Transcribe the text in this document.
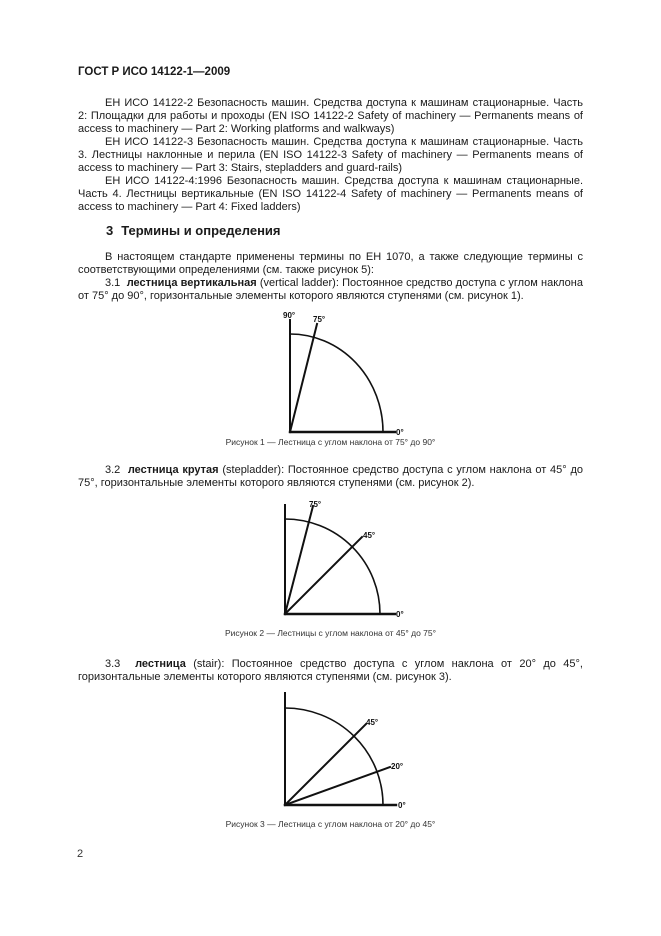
ГОСТ Р ИСО 14122-1—2009

ЕН ИСО 14122-2 Безопасность машин. Средства доступа к машинам стационарные. Часть 2: Площадки для работы и проходы (EN ISO 14122-2 Safety of machinery — Permanents means of access to machinery — Part 2: Working platforms and walkways)

ЕН ИСО 14122-3 Безопасность машин. Средства доступа к машинам стационарные. Часть 3. Лестницы наклонные и перила (EN ISO 14122-3 Safety of machinery — Permanents means of access to machinery — Part 3: Stairs, stepladders and guard-rails)

ЕН ИСО 14122-4:1996 Безопасность машин. Средства доступа к машинам стационарные. Часть 4. Лестницы вертикальные (EN ISO 14122-4 Safety of machinery — Permanents means of access to machinery — Part 4: Fixed ladders)

3 Термины и определения

В настоящем стандарте применены термины по ЕН 1070, а также следующие термины с соответствующими определениями (см. также рисунок 5):

3.1 лестница вертикальная (vertical ladder): Постоянное средство доступа с углом наклона от 75° до 90°, горизонтальные элементы которого являются ступенями (см. рисунок 1).

3.2 лестница крутая (stepladder): Постоянное средство доступа с углом наклона от 45° до 75°, горизонтальные элементы которого являются ступенями (см. рисунок 2).

3.3 лестница (stair): Постоянное средство доступа с углом наклона от 20° до 45°, горизонтальные элементы которого являются ступенями (см. рисунок 3).

90° 75°
0°
75°
45°
0°
45°
20°
0°
Рисунок 1 — Лестница с углом наклона от 75° до 90°
Рисунок 2 — Лестницы с углом наклона от 45° до 75°
Рисунок 3 — Лестница с углом наклона от 20° до 45°
2
